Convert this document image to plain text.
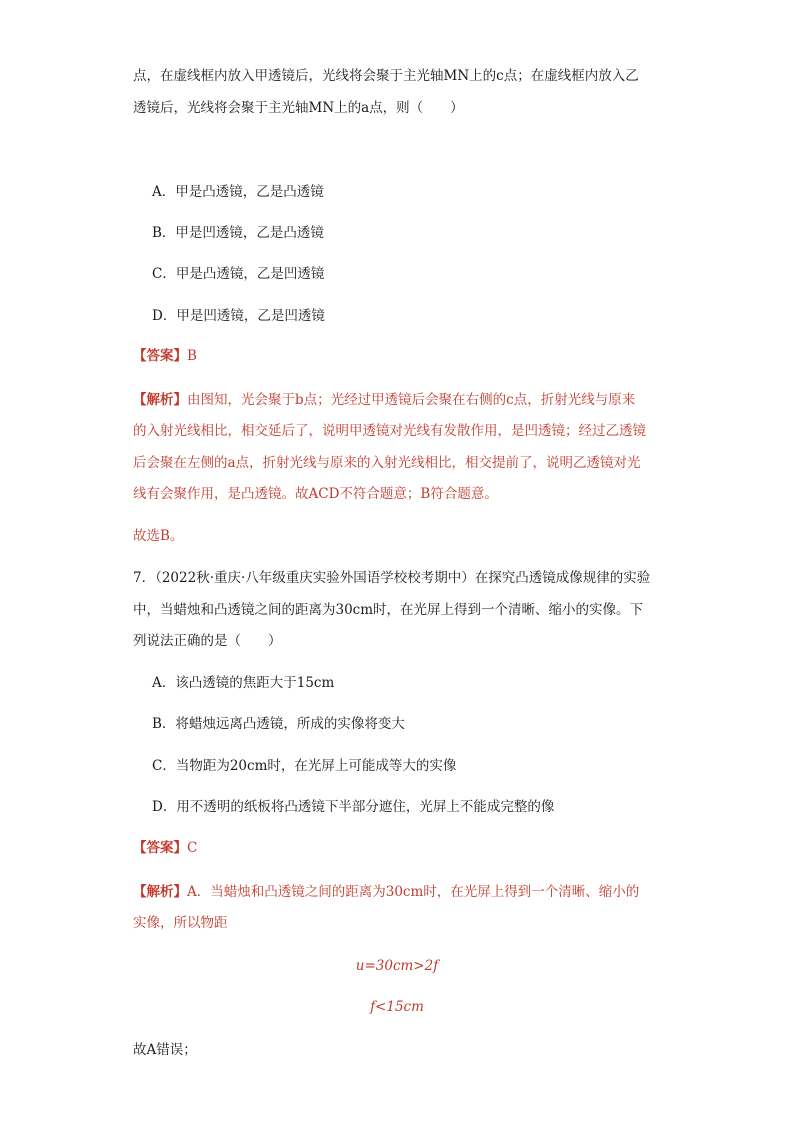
点，在虚线框内放入甲透镜后，光线将会聚于主光轴MN上的c点；在虚线框内放入乙
透镜后，光线将会聚于主光轴MN上的a点，则（　　）
A．甲是凸透镜，乙是凸透镜
B．甲是凹透镜，乙是凸透镜
C．甲是凸透镜，乙是凹透镜
D．甲是凹透镜，乙是凹透镜
【答案】B
【解析】由图知，光会聚于b点；光经过甲透镜后会聚在右侧的c点，折射光线与原来
的入射光线相比，相交延后了，说明甲透镜对光线有发散作用，是凹透镜；经过乙透镜
后会聚在左侧的a点，折射光线与原来的入射光线相比，相交提前了，说明乙透镜对光
线有会聚作用，是凸透镜。故ACD不符合题意；B符合题意。
故选B。
7．（2022秋·重庆·八年级重庆实验外国语学校校考期中）在探究凸透镜成像规律的实验
中，当蜡烛和凸透镜之间的距离为30cm时，在光屏上得到一个清晰、缩小的实像。下
列说法正确的是（　　）
A．该凸透镜的焦距大于15cm
B．将蜡烛远离凸透镜，所成的实像将变大
C．当物距为20cm时，在光屏上可能成等大的实像
D．用不透明的纸板将凸透镜下半部分遮住，光屏上不能成完整的像
【答案】C
【解析】A．当蜡烛和凸透镜之间的距离为30cm时，在光屏上得到一个清晰、缩小的
实像，所以物距
u=30cm>2f
f<15cm
故A错误；
